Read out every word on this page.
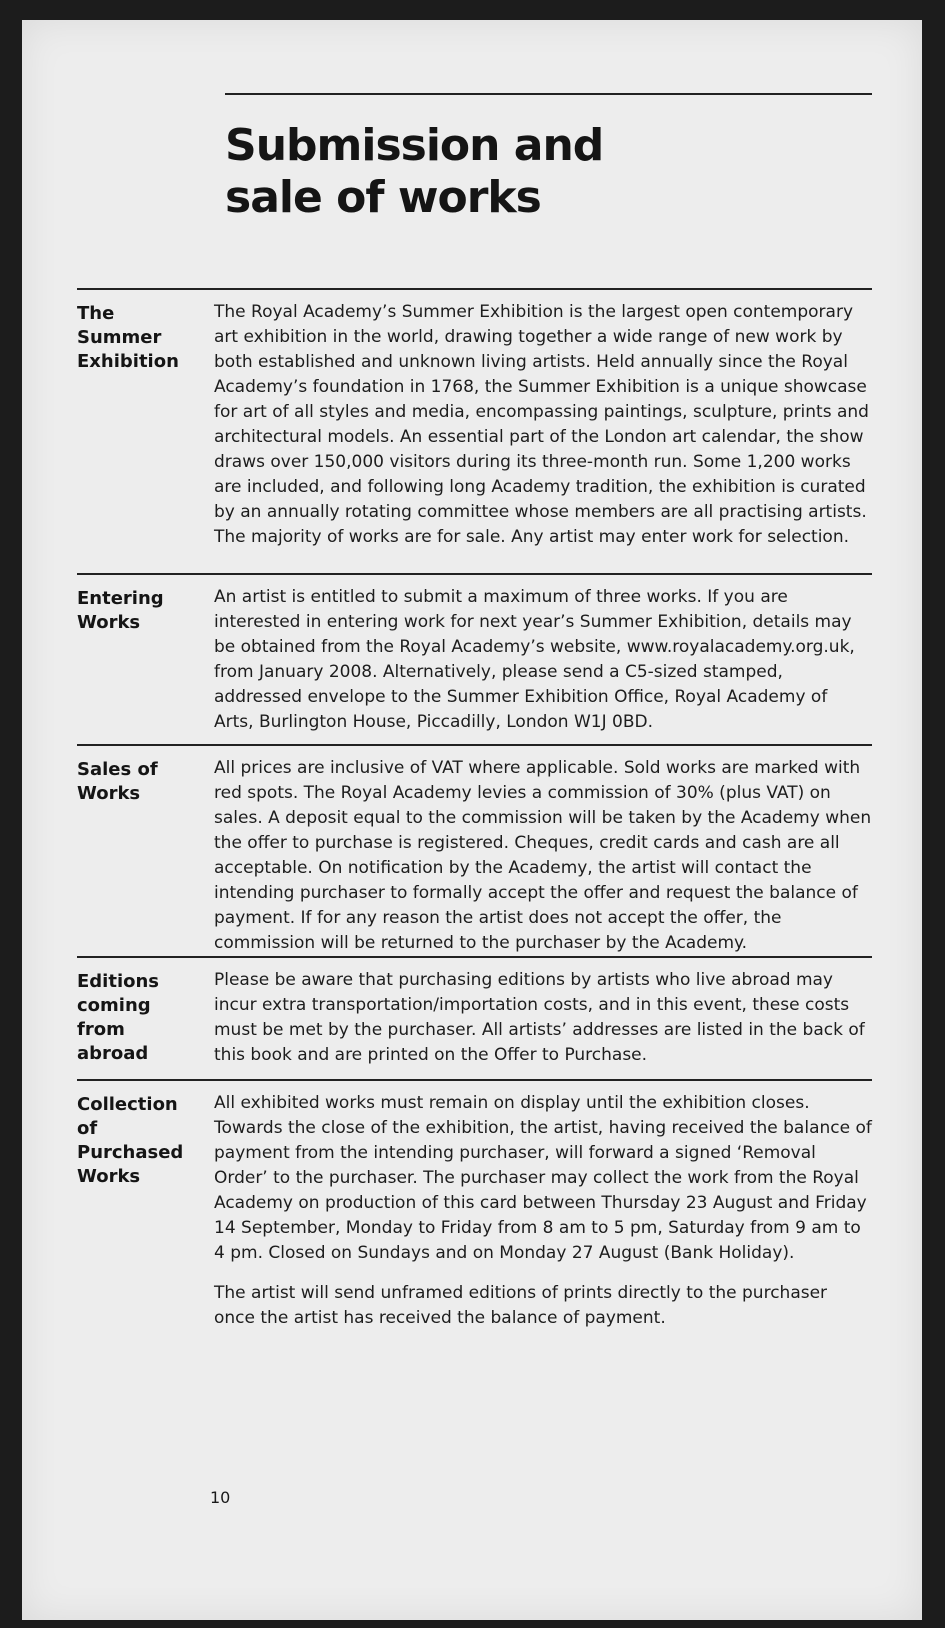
Submission and
sale of works
The Summer Exhibition

The Royal Academy’s Summer Exhibition is the largest open contemporary art exhibition in the world, drawing together a wide range of new work by both established and unknown living artists. Held annually since the Royal Academy’s foundation in 1768, the Summer Exhibition is a unique showcase for art of all styles and media, encompassing paintings, sculpture, prints and architectural models. An essential part of the London art calendar, the show draws over 150,000 visitors during its three-month run. Some 1,200 works are included, and following long Academy tradition, the exhibition is curated by an annually rotating committee whose members are all practising artists. The majority of works are for sale. Any artist may enter work for selection.

Entering Works

An artist is entitled to submit a maximum of three works. If you are interested in entering work for next year’s Summer Exhibition, details may be obtained from the Royal Academy’s website, www.royalacademy.org.uk, from January 2008. Alternatively, please send a C5-sized stamped, addressed envelope to the Summer Exhibition Office, Royal Academy of Arts, Burlington House, Piccadilly, London W1J 0BD.

Sales of Works

All prices are inclusive of VAT where applicable. Sold works are marked with red spots. The Royal Academy levies a commission of 30% (plus VAT) on sales. A deposit equal to the commission will be taken by the Academy when the offer to purchase is registered. Cheques, credit cards and cash are all acceptable. On notification by the Academy, the artist will contact the intending purchaser to formally accept the offer and request the balance of payment. If for any reason the artist does not accept the offer, the commission will be returned to the purchaser by the Academy.

Editions coming from abroad

Please be aware that purchasing editions by artists who live abroad may incur extra transportation/importation costs, and in this event, these costs must be met by the purchaser. All artists’ addresses are listed in the back of this book and are printed on the Offer to Purchase.

Collection of Purchased Works

All exhibited works must remain on display until the exhibition closes. Towards the close of the exhibition, the artist, having received the balance of payment from the intending purchaser, will forward a signed ‘Removal Order’ to the purchaser. The purchaser may collect the work from the Royal Academy on production of this card between Thursday 23 August and Friday 14 September, Monday to Friday from 8 am to 5 pm, Saturday from 9 am to 4 pm. Closed on Sundays and on Monday 27 August (Bank Holiday).

The artist will send unframed editions of prints directly to the purchaser once the artist has received the balance of payment.

10
